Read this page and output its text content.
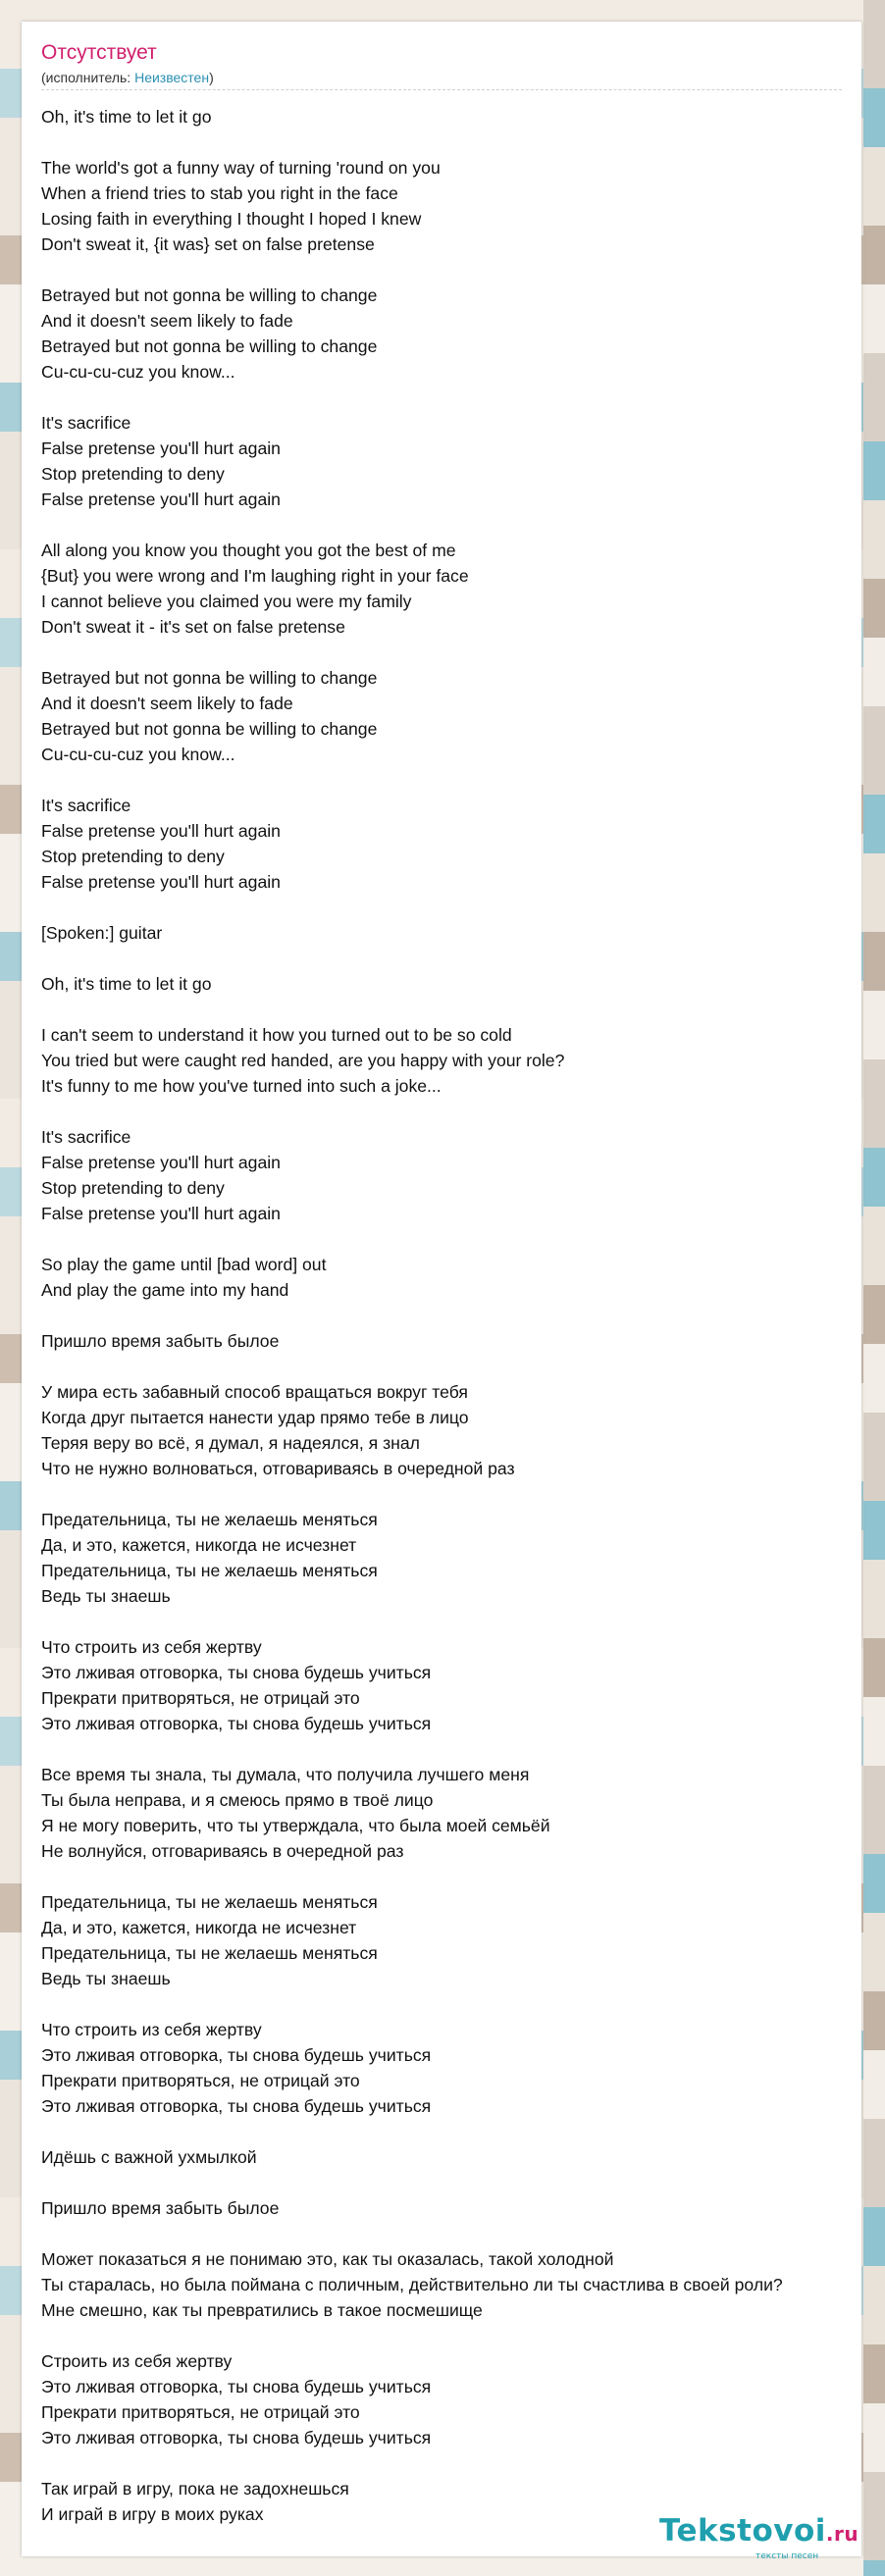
Отсутствует
(исполнитель: Неизвестен)
Oh, it's time to let it go
The world's got a funny way of turning 'round on you
When a friend tries to stab you right in the face
Losing faith in everything I thought I hoped I knew
Don't sweat it, {it was} set on false pretense
Betrayed but not gonna be willing to change
And it doesn't seem likely to fade
Betrayed but not gonna be willing to change
Cu-cu-cu-cuz you know...
It's sacrifice
False pretense you'll hurt again
Stop pretending to deny
False pretense you'll hurt again
All along you know you thought you got the best of me
{But} you were wrong and I'm laughing right in your face
I cannot believe you claimed you were my family
Don't sweat it - it's set on false pretense
Betrayed but not gonna be willing to change
And it doesn't seem likely to fade
Betrayed but not gonna be willing to change
Cu-cu-cu-cuz you know...
It's sacrifice
False pretense you'll hurt again
Stop pretending to deny
False pretense you'll hurt again
[Spoken:] guitar
Oh, it's time to let it go
I can't seem to understand it how you turned out to be so cold
You tried but were caught red handed, are you happy with your role?
It's funny to me how you've turned into such a joke...
It's sacrifice
False pretense you'll hurt again
Stop pretending to deny
False pretense you'll hurt again
So play the game until [bad word] out
And play the game into my hand
Пришло время забыть былое
У мира есть забавный способ вращаться вокруг тебя
Когда друг пытается нанести удар прямо тебе в лицо
Теряя веру во всё, я думал, я надеялся, я знал
Что не нужно волноваться, отговариваясь в очередной раз
Предательница, ты не желаешь меняться
Да, и это, кажется, никогда не исчезнет
Предательница, ты не желаешь меняться
Ведь ты знаешь
Что строить из себя жертву
Это лживая отговорка, ты снова будешь учиться
Прекрати притворяться, не отрицай это
Это лживая отговорка, ты снова будешь учиться
Все время ты знала, ты думала, что получила лучшего меня
Ты была неправа, и я смеюсь прямо в твоё лицо
Я не могу поверить, что ты утверждала, что была моей семьёй
Не волнуйся, отговариваясь в очередной раз
Предательница, ты не желаешь меняться
Да, и это, кажется, никогда не исчезнет
Предательница, ты не желаешь меняться
Ведь ты знаешь
Что строить из себя жертву
Это лживая отговорка, ты снова будешь учиться
Прекрати притворяться, не отрицай это
Это лживая отговорка, ты снова будешь учиться
Идёшь с важной ухмылкой
Пришло время забыть былое
Может показаться я не понимаю это, как ты оказалась, такой холодной
Ты старалась, но была поймана с поличным, действительно ли ты счастлива в своей роли?
Мне смешно, как ты превратились в такое посмешище
Строить из себя жертву
Это лживая отговорка, ты снова будешь учиться
Прекрати притворяться, не отрицай это
Это лживая отговорка, ты снова будешь учиться
Так играй в игру, пока не задохнешься
И играй в игру в моих руках	Tekstovoi.ru
тексты песен
